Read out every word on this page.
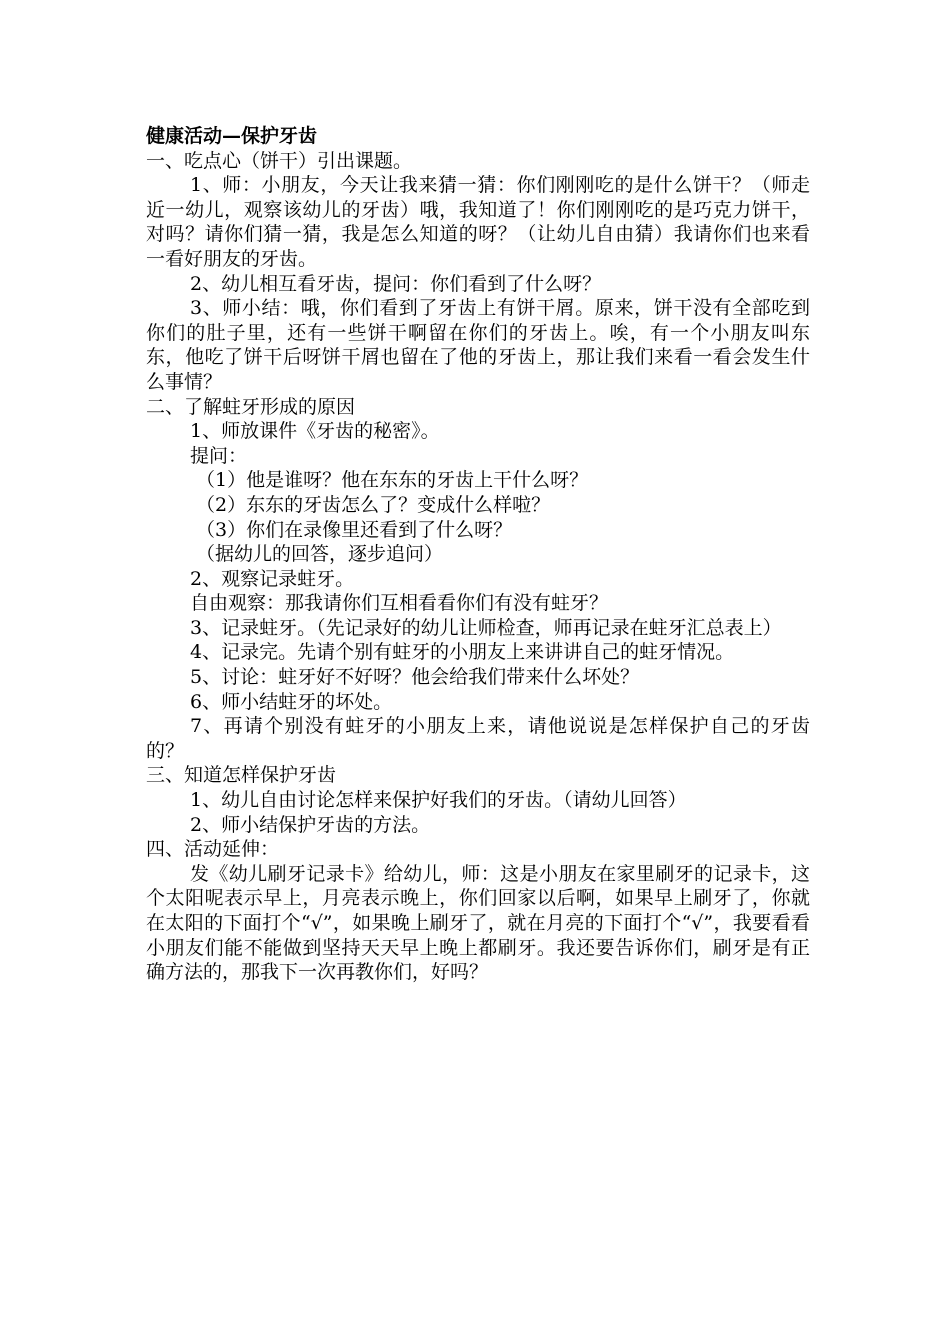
健康活动—保护牙齿

一、吃点心（饼干）引出课题。

1、师：小朋友，今天让我来猜一猜：你们刚刚吃的是什么饼干？（师走近一幼儿，观察该幼儿的牙齿）哦，我知道了！你们刚刚吃的是巧克力饼干，对吗？请你们猜一猜，我是怎么知道的呀？（让幼儿自由猜）我请你们也来看一看好朋友的牙齿。

2、幼儿相互看牙齿，提问：你们看到了什么呀？

3、师小结：哦，你们看到了牙齿上有饼干屑。原来，饼干没有全部吃到你们的肚子里，还有一些饼干啊留在你们的牙齿上。唉，有一个小朋友叫东东，他吃了饼干后呀饼干屑也留在了他的牙齿上，那让我们来看一看会发生什么事情？

二、了解蛀牙形成的原因

1、师放课件《牙齿的秘密》。

提问：

（1）他是谁呀？他在东东的牙齿上干什么呀？

（2）东东的牙齿怎么了？变成什么样啦？

（3）你们在录像里还看到了什么呀？

（据幼儿的回答，逐步追问）

2、观察记录蛀牙。

自由观察：那我请你们互相看看你们有没有蛀牙？

3、记录蛀牙。（先记录好的幼儿让师检查，师再记录在蛀牙汇总表上）

4、记录完。先请个别有蛀牙的小朋友上来讲讲自己的蛀牙情况。

5、讨论：蛀牙好不好呀？他会给我们带来什么坏处？

6、师小结蛀牙的坏处。

7、再请个别没有蛀牙的小朋友上来，请他说说是怎样保护自己的牙齿的？

三、知道怎样保护牙齿

1、幼儿自由讨论怎样来保护好我们的牙齿。（请幼儿回答）

2、师小结保护牙齿的方法。

四、活动延伸：

发《幼儿刷牙记录卡》给幼儿，师：这是小朋友在家里刷牙的记录卡，这个太阳呢表示早上，月亮表示晚上，你们回家以后啊，如果早上刷牙了，你就在太阳的下面打个“√”，如果晚上刷牙了，就在月亮的下面打个“√”，我要看看小朋友们能不能做到坚持天天早上晚上都刷牙。我还要告诉你们，刷牙是有正确方法的，那我下一次再教你们，好吗？
